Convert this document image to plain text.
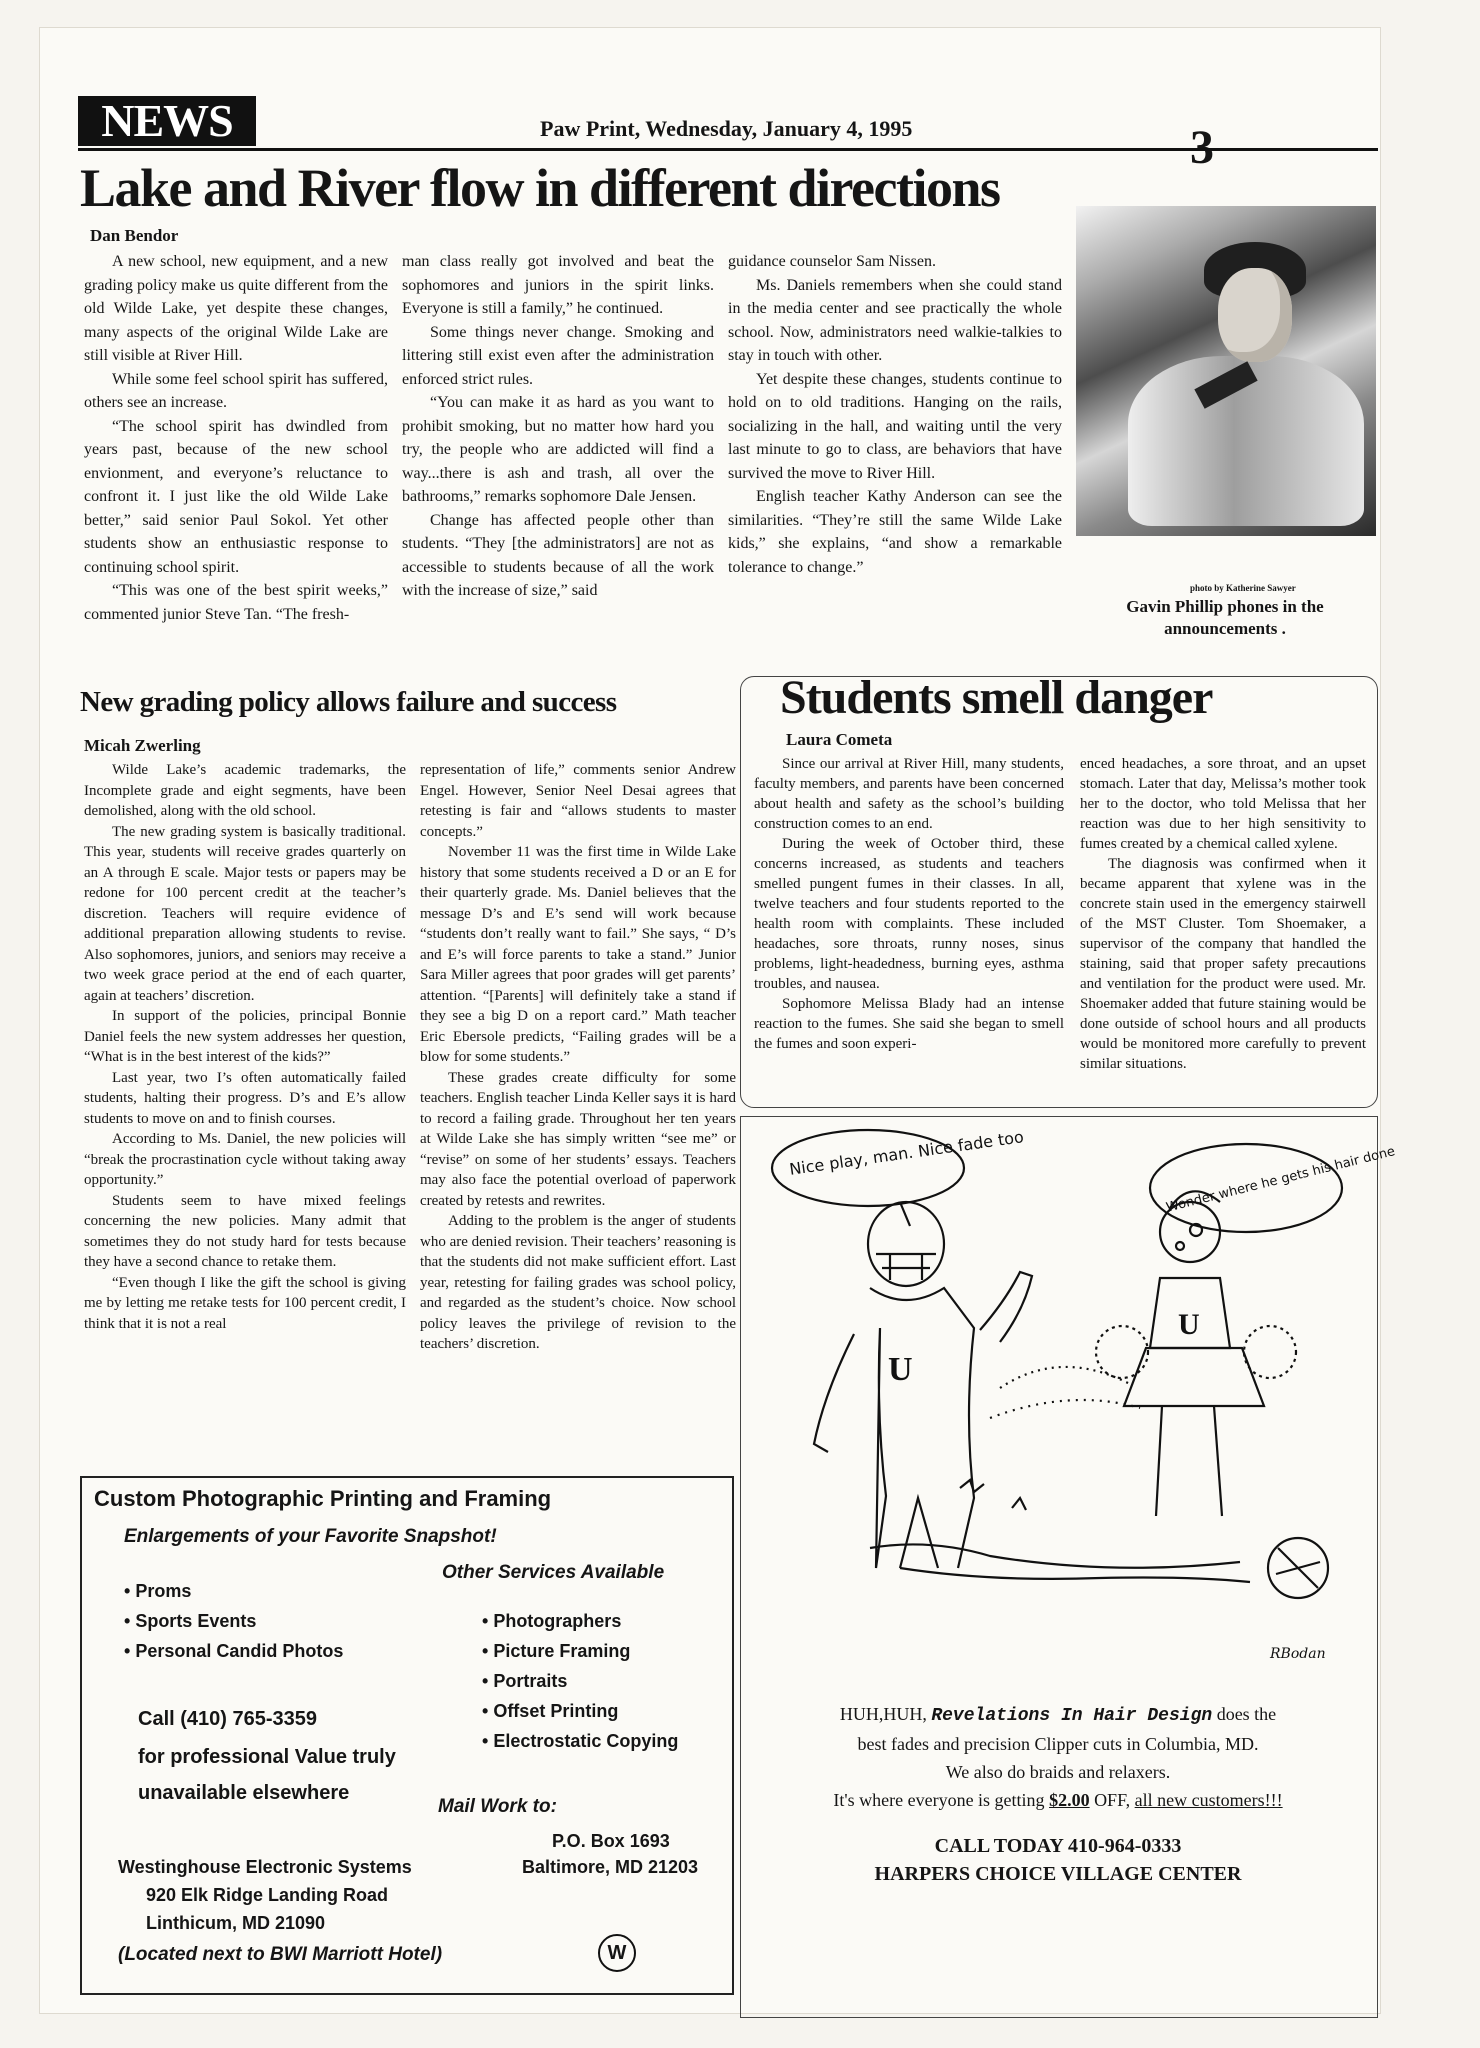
NEWS	Paw Print, Wednesday, January 4, 1995
Lake and River flow in different directions
Dan Bendor

A new school, new equipment, and a new grading policy make us quite different from the old Wilde Lake, yet despite these changes, many aspects of the original Wilde Lake are still visible at River Hill.

While some feel school spirit has suffered, others see an increase.

“The school spirit has dwindled from years past, because of the new school envionment, and everyone’s reluctance to confront it. I just like the old Wilde Lake better,” said senior Paul Sokol. Yet other students show an enthusiastic response to continuing school spirit.

“This was one of the best spirit weeks,” commented junior Steve Tan. “The fresh-

man class really got involved and beat the sophomores and juniors in the spirit links. Everyone is still a family,” he continued.

Some things never change. Smoking and littering still exist even after the administration enforced strict rules.

“You can make it as hard as you want to prohibit smoking, but no matter how hard you try, the people who are addicted will find a way...there is ash and trash, all over the bathrooms,” remarks sophomore Dale Jensen.

Change has affected people other than students. “They [the administrators] are not as accessible to students because of all the work with the increase of size,” said

guidance counselor Sam Nissen.

Ms. Daniels remembers when she could stand in the media center and see practically the whole school. Now, administrators need walkie-talkies to stay in touch with other.

Yet despite these changes, students continue to hold on to old traditions. Hanging on the rails, socializing in the hall, and waiting until the very last minute to go to class, are behaviors that have survived the move to River Hill.

English teacher Kathy Anderson can see the similarities. “They’re still the same Wilde Lake kids,” she explains, “and show a remarkable tolerance to change.”

photo by Katherine Sawyer
Gavin Phillip phones in the announcements .
New grading policy allows failure and success
Micah Zwerling

Wilde Lake’s academic trademarks, the Incomplete grade and eight segments, have been demolished, along with the old school.

The new grading system is basically traditional. This year, students will receive grades quarterly on an A through E scale. Major tests or papers may be redone for 100 percent credit at the teacher’s discretion. Teachers will require evidence of additional preparation allowing students to revise. Also sophomores, juniors, and seniors may receive a two week grace period at the end of each quarter, again at teachers’ discretion.

In support of the policies, principal Bonnie Daniel feels the new system addresses her question, “What is in the best interest of the kids?”

Last year, two I’s often automatically failed students, halting their progress. D’s and E’s allow students to move on and to finish courses.

According to Ms. Daniel, the new policies will “break the procrastination cycle without taking away opportunity.”

Students seem to have mixed feelings concerning the new policies. Many admit that sometimes they do not study hard for tests because they have a second chance to retake them.

“Even though I like the gift the school is giving me by letting me retake tests for 100 percent credit, I think that it is not a real

representation of life,” comments senior Andrew Engel. However, Senior Neel Desai agrees that retesting is fair and “allows students to master concepts.”

November 11 was the first time in Wilde Lake history that some students received a D or an E for their quarterly grade. Ms. Daniel believes that the message D’s and E’s send will work because “students don’t really want to fail.” She says, “ D’s and E’s will force parents to take a stand.” Junior Sara Miller agrees that poor grades will get parents’ attention. “[Parents] will definitely take a stand if they see a big D on a report card.” Math teacher Eric Ebersole predicts, “Failing grades will be a blow for some students.”

These grades create difficulty for some teachers. English teacher Linda Keller says it is hard to record a failing grade. Throughout her ten years at Wilde Lake she has simply written “see me” or “revise” on some of her students’ essays. Teachers may also face the potential overload of paperwork created by retests and rewrites.

Adding to the problem is the anger of students who are denied revision. Their teachers’ reasoning is that the students did not make sufficient effort. Last year, retesting for failing grades was school policy, and regarded as the student’s choice. Now school policy leaves the privilege of revision to the teachers’ discretion.

Students smell danger
Laura Cometa

Since our arrival at River Hill, many students, faculty members, and parents have been concerned about health and safety as the school’s building construction comes to an end.

During the week of October third, these concerns increased, as students and teachers smelled pungent fumes in their classes. In all, twelve teachers and four students reported to the health room with complaints. These included headaches, sore throats, runny noses, sinus problems, light-headedness, burning eyes, asthma troubles, and nausea.

Sophomore Melissa Blady had an intense reaction to the fumes. She said she began to smell the fumes and soon experi-

enced headaches, a sore throat, and an upset stomach. Later that day, Melissa’s mother took her to the doctor, who told Melissa that her reaction was due to her high sensitivity to fumes created by a chemical called xylene.

The diagnosis was confirmed when it became apparent that xylene was in the concrete stain used in the emergency stairwell of the MST Cluster. Tom Shoemaker, a supervisor of the company that handled the staining, said that proper safety precautions and ventilation for the product were used. Mr. Shoemaker added that future staining would be done outside of school hours and all products would be monitored more carefully to prevent similar situations.

U
U
Nice play, man. Nice fade too	Wonder where he gets his hair done
RBodan
HUH,HUH, Revelations In Hair Design does the
best fades and precision Clipper cuts in Columbia, MD.
We also do braids and relaxers.
It's where everyone is getting $2.00 OFF, all new customers!!!
CALL TODAY 410-964-0333
HARPERS CHOICE VILLAGE CENTER
Custom Photographic Printing and Framing
Enlargements of your Favorite Snapshot!
• Proms
• Sports Events
• Personal Candid Photos
Other Services Available
• Photographers
• Picture Framing
• Portraits
• Offset Printing
• Electrostatic Copying
Call (410) 765-3359
for professional Value truly
unavailable elsewhere
Mail Work to:
P.O. Box 1693
Baltimore, MD 21203
Westinghouse Electronic Systems
920 Elk Ridge Landing Road
Linthicum, MD 21090
(Located next to BWI Marriott Hotel)	W
